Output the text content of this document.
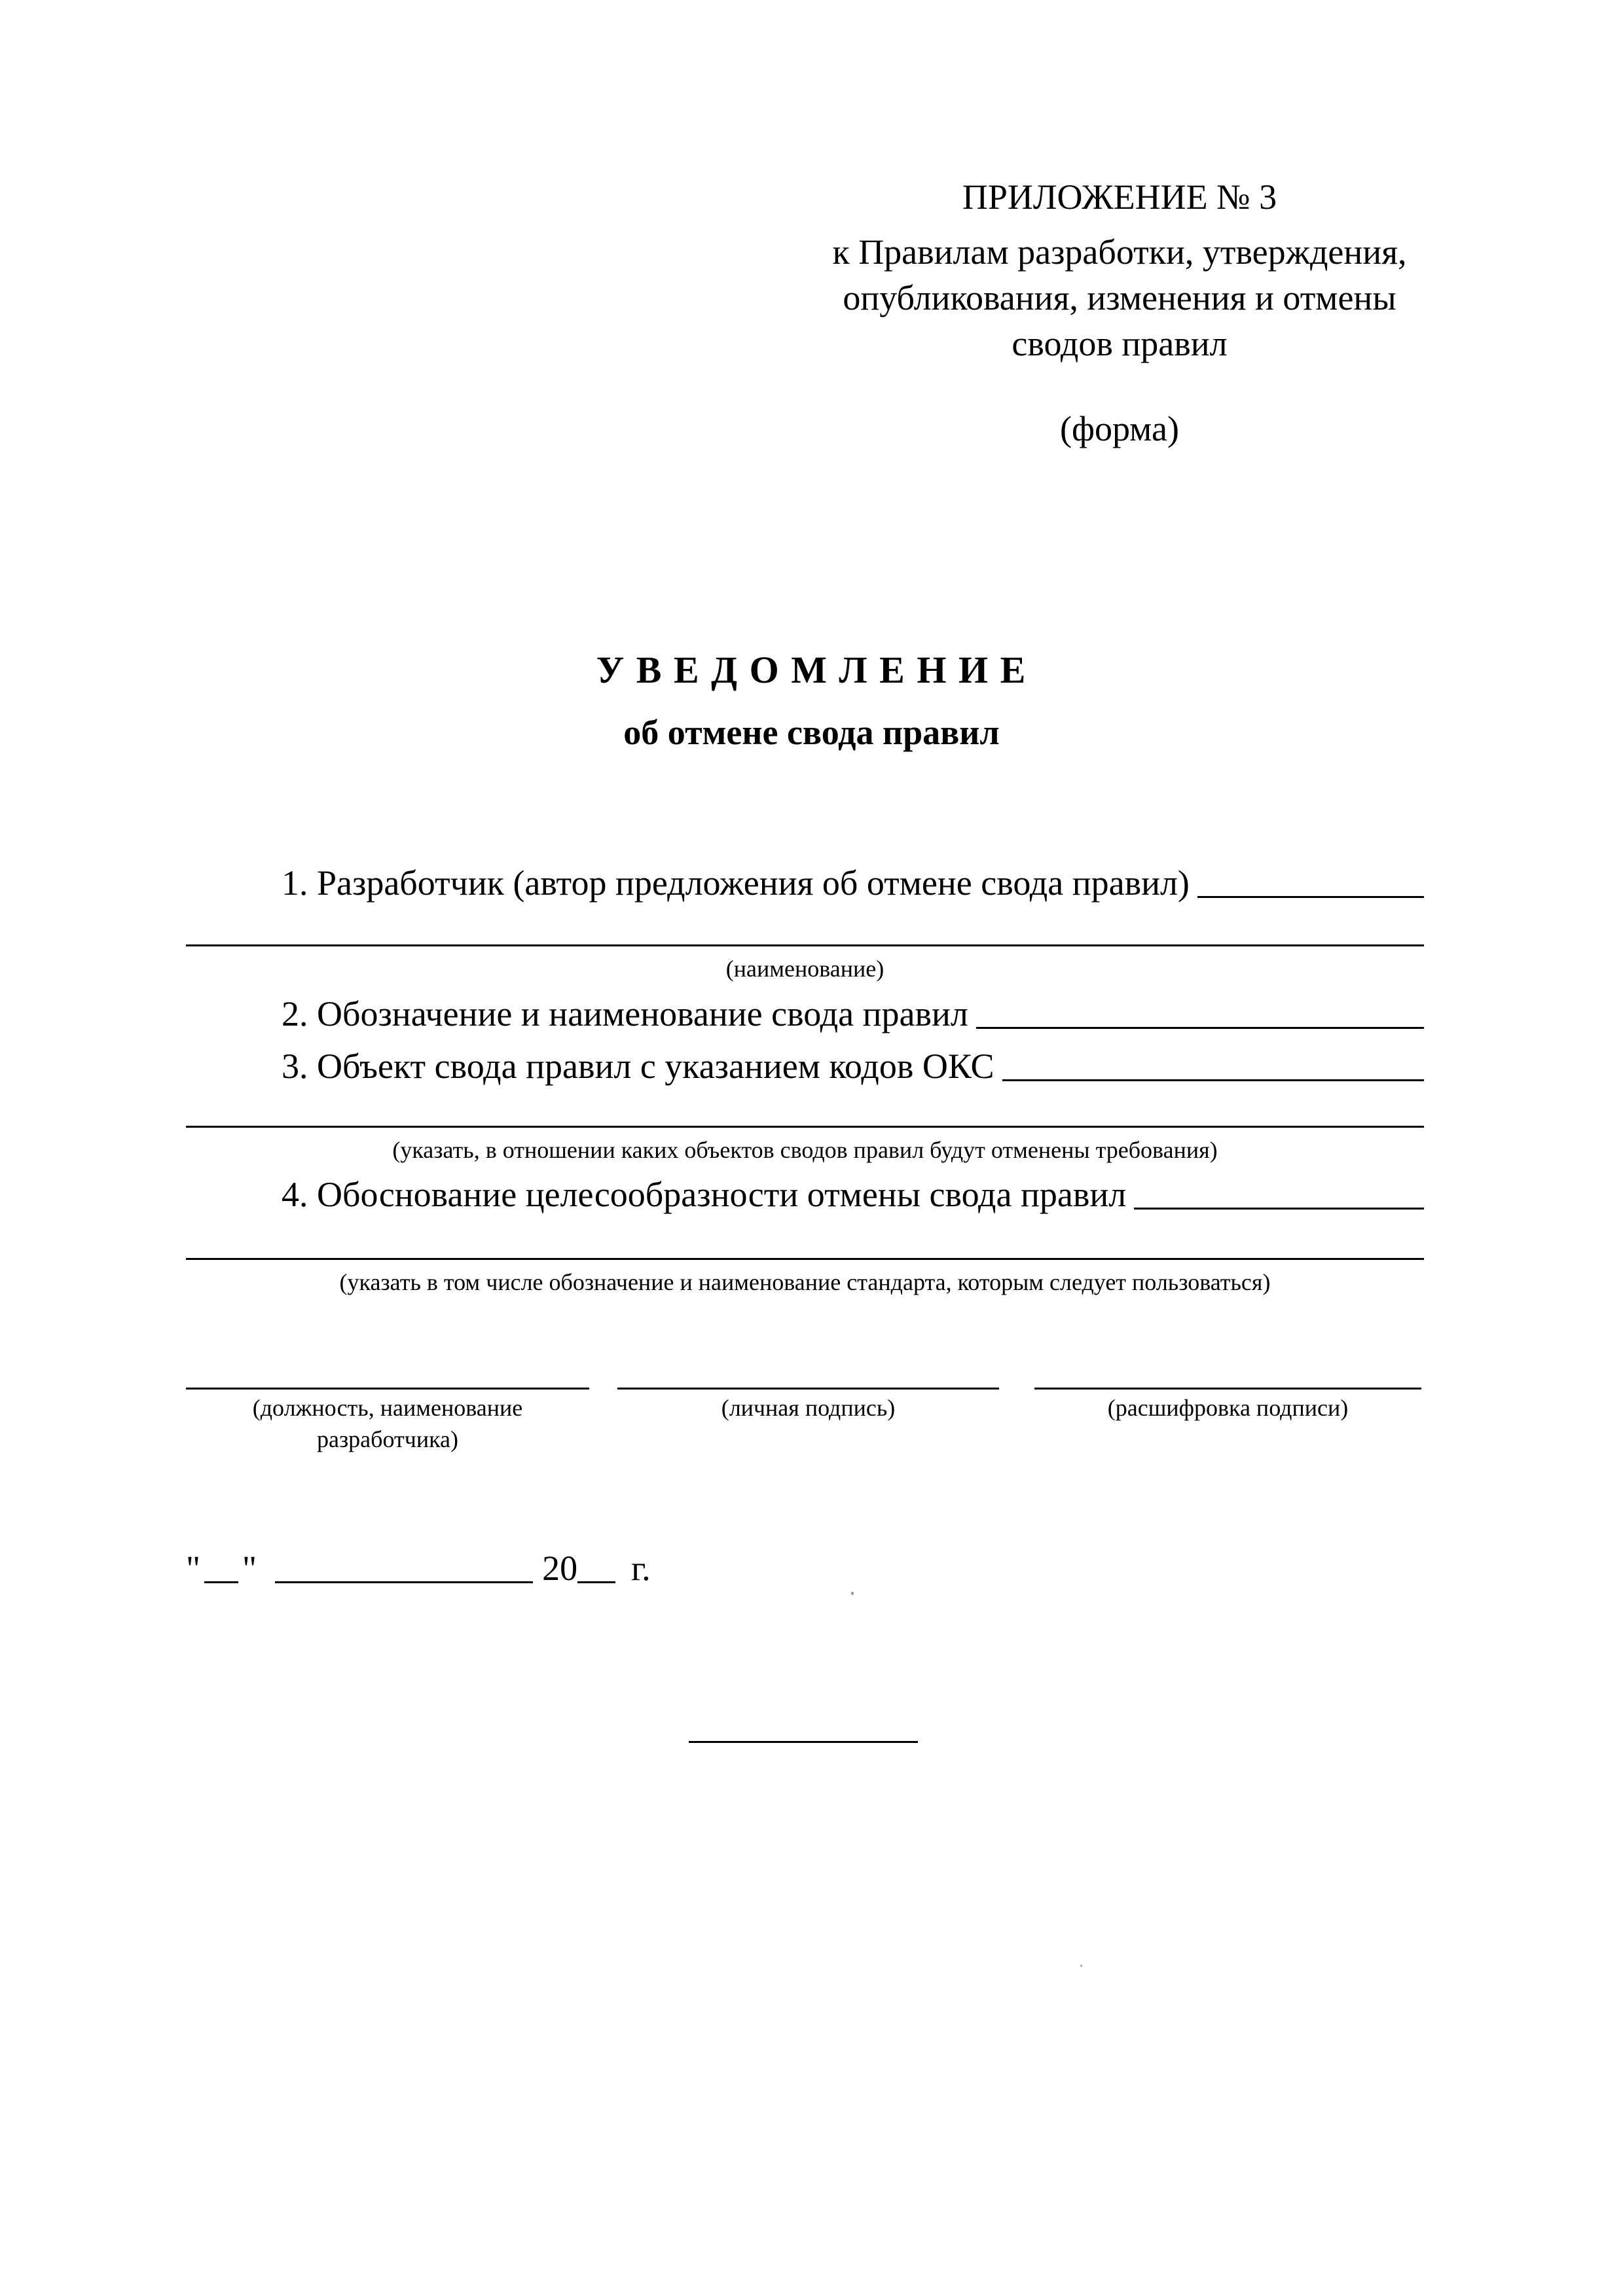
ПРИЛОЖЕНИЕ № 3
к Правилам разработки, утверждения,
опубликования, изменения и отмены
сводов правил
(форма)
У В Е Д О М Л Е Н И Е
об отмене свода правил
1. Разработчик (автор предложения об отмене свода правил)
(наименование)
2. Обозначение и наименование свода правил
3. Объект свода правил с указанием кодов ОКС
(указать, в отношении каких объектов сводов правил будут отменены требования)
4. Обоснование целесообразности отмены свода правил
(указать в том числе обозначение и наименование стандарта, которым следует пользоваться)
(должность, наименование
разработчика)
(личная подпись)	(расшифровка подписи)
" "	20 г.
